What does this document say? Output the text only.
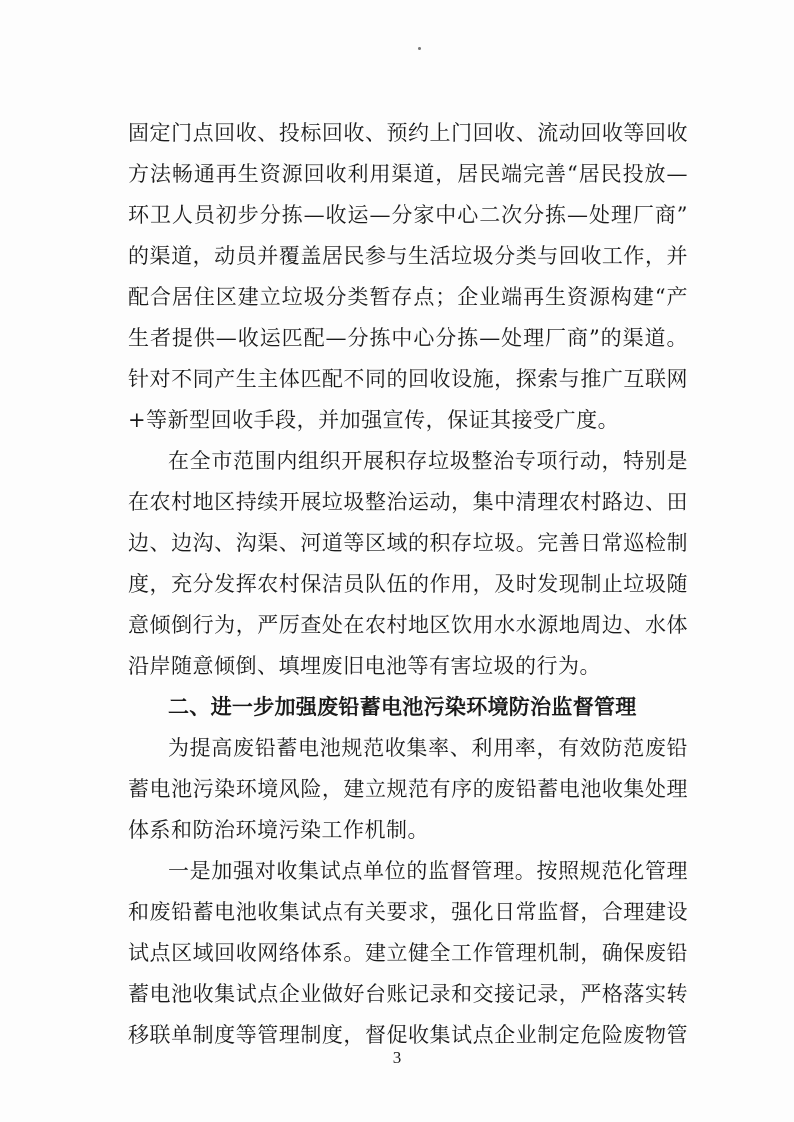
固定门点回收、投标回收、预约上门回收、流动回收等回收
方法畅通再生资源回收利用渠道，居民端完善“居民投放—
环卫人员初步分拣—收运—分家中心二次分拣—处理厂商”
的渠道，动员并覆盖居民参与生活垃圾分类与回收工作，并
配合居住区建立垃圾分类暂存点；企业端再生资源构建“产
生者提供—收运匹配—分拣中心分拣—处理厂商”的渠道。
针对不同产生主体匹配不同的回收设施，探索与推广互联网
+等新型回收手段，并加强宣传，保证其接受广度。
在全市范围内组织开展积存垃圾整治专项行动，特别是
在农村地区持续开展垃圾整治运动，集中清理农村路边、田
边、边沟、沟渠、河道等区域的积存垃圾。完善日常巡检制
度，充分发挥农村保洁员队伍的作用，及时发现制止垃圾随
意倾倒行为，严厉查处在农村地区饮用水水源地周边、水体
沿岸随意倾倒、填埋废旧电池等有害垃圾的行为。
二、进一步加强废铅蓄电池污染环境防治监督管理
为提高废铅蓄电池规范收集率、利用率，有效防范废铅
蓄电池污染环境风险，建立规范有序的废铅蓄电池收集处理
体系和防治环境污染工作机制。
一是加强对收集试点单位的监督管理。按照规范化管理
和废铅蓄电池收集试点有关要求，强化日常监督，合理建设
试点区域回收网络体系。建立健全工作管理机制，确保废铅
蓄电池收集试点企业做好台账记录和交接记录，严格落实转
移联单制度等管理制度，督促收集试点企业制定危险废物管
3
